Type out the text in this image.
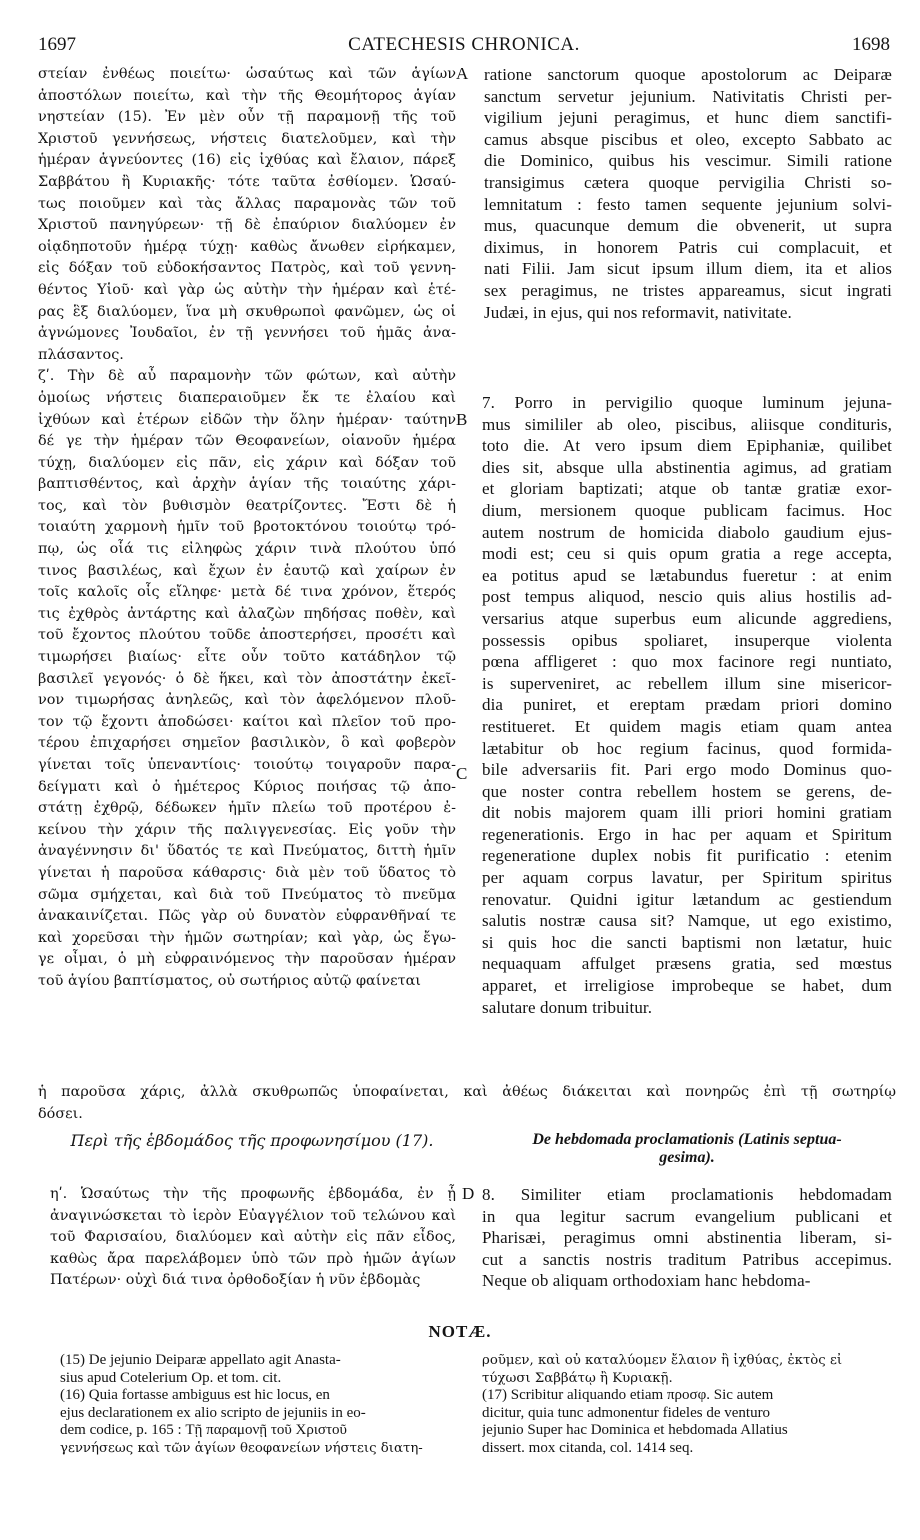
1697	CATECHESIS CHRONICA.	1698
στείαν ἐνθέως ποιείτω· ὡσαύτως καὶ τῶν ἁγίων
ἀποστόλων ποιείτω, καὶ τὴν τῆς Θεομήτορος ἁγίαν
νηστείαν (15). Ἐν μὲν οὖν τῇ παραμονῇ τῆς τοῦ
Χριστοῦ γεννήσεως, νήστεις διατελοῦμεν, καὶ τὴν
ἡμέραν ἁγνεύοντες (16) εἰς ἰχθύας καὶ ἔλαιον, πάρεξ
Σαββάτου ἢ Κυριακῆς· τότε ταῦτα ἐσθίομεν. Ὡσαύ-
τως ποιοῦμεν καὶ τὰς ἄλλας παραμονὰς τῶν τοῦ
Χριστοῦ πανηγύρεων· τῇ δὲ ἐπαύριον διαλύομεν ἐν
οἱᾳδηποτοῦν ἡμέρᾳ τύχῃ· καθὼς ἄνωθεν εἰρήκαμεν,
εἰς δόξαν τοῦ εὐδοκήσαντος Πατρὸς, καὶ τοῦ γεννη-
θέντος Υἱοῦ· καὶ γὰρ ὡς αὐτὴν τὴν ἡμέραν καὶ ἑτέ-
ρας ἓξ διαλύομεν, ἵνα μὴ σκυθρωποὶ φανῶμεν, ὡς οἱ
ἀγνώμονες Ἰουδαῖοι, ἐν τῇ γεννήσει τοῦ ἡμᾶς ἀνα-
πλάσαντος.
ζʹ. Τὴν δὲ αὖ παραμονὴν τῶν φώτων, καὶ αὐτὴν
ὁμοίως νήστεις διαπεραιοῦμεν ἔκ τε ἐλαίου καὶ
ἰχθύων καὶ ἑτέρων εἰδῶν τὴν ὅλην ἡμέραν· ταύτην
δέ γε τὴν ἡμέραν τῶν Θεοφανείων, οἱανοῦν ἡμέρα
τύχῃ, διαλύομεν εἰς πᾶν, εἰς χάριν καὶ δόξαν τοῦ
βαπτισθέντος, καὶ ἀρχὴν ἁγίαν τῆς τοιαύτης χάρι-
τος, καὶ τὸν βυθισμὸν θεατρίζοντες. Ἔστι δὲ ἡ
τοιαύτη χαρμονὴ ἡμῖν τοῦ βροτοκτόνου τοιούτῳ τρό-
πῳ, ὡς οἷά τις εἰληφὼς χάριν τινὰ πλούτου ὑπό
τινος βασιλέως, καὶ ἔχων ἐν ἑαυτῷ καὶ χαίρων ἐν
τοῖς καλοῖς οἷς εἴληφε· μετὰ δέ τινα χρόνον, ἕτερός
τις ἐχθρὸς ἀντάρτης καὶ ἀλαζὼν πηδήσας ποθὲν, καὶ
τοῦ ἔχοντος πλούτου τοῦδε ἀποστερήσει, προσέτι καὶ
τιμωρήσει βιαίως· εἶτε οὖν τοῦτο κατάδηλον τῷ
βασιλεῖ γεγονός· ὁ δὲ ἥκει, καὶ τὸν ἀποστάτην ἐκεῖ-
νον τιμωρήσας ἀνηλεῶς, καὶ τὸν ἀφελόμενον πλοῦ-
τον τῷ ἔχοντι ἀποδώσει· καίτοι καὶ πλεῖον τοῦ προ-
τέρου ἐπιχαρήσει σημεῖον βασιλικὸν, ὃ καὶ φοβερὸν
γίνεται τοῖς ὑπεναντίοις· τοιούτῳ τοιγαροῦν παρα-
δείγματι καὶ ὁ ἡμέτερος Κύριος ποιήσας τῷ ἀπο-
στάτῃ ἐχθρῷ, δέδωκεν ἡμῖν πλείω τοῦ προτέρου ἐ-
κείνου τὴν χάριν τῆς παλιγγενεσίας. Εἰς γοῦν τὴν
ἀναγέννησιν δι' ὕδατός τε καὶ Πνεύματος, διττὴ ἡμῖν
γίνεται ἡ παροῦσα κάθαρσις· διὰ μὲν τοῦ ὕδατος τὸ
σῶμα σμήχεται, καὶ διὰ τοῦ Πνεύματος τὸ πνεῦμα
ἀνακαινίζεται. Πῶς γὰρ οὐ δυνατὸν εὐφρανθῆναί τε
καὶ χορεῦσαι τὴν ἡμῶν σωτηρίαν; καὶ γὰρ, ὡς ἔγω-
γε οἶμαι, ὁ μὴ εὐφραινόμενος τὴν παροῦσαν ἡμέραν
τοῦ ἁγίου βαπτίσματος, οὐ σωτήριος αὐτῷ φαίνεται
ratione sanctorum quoque apostolorum ac Deiparæ
sanctum servetur jejunium. Nativitatis Christi per-
vigilium jejuni peragimus, et hunc diem sanctifi-
camus absque piscibus et oleo, excepto Sabbato ac
die Dominico, quibus his vescimur. Simili ratione
transigimus cætera quoque pervigilia Christi so-
lemnitatum : festo tamen sequente jejunium solvi-
mus, quacunque demum die obvenerit, ut supra
diximus, in honorem Patris cui complacuit, et
nati Filii. Jam sicut ipsum illum diem, ita et alios
sex peragimus, ne tristes appareamus, sicut ingrati
Judæi, in ejus, qui nos reformavit, nativitate.
7. Porro in pervigilio quoque luminum jejuna-
mus simililer ab oleo, piscibus, aliisque condituris,
toto die. At vero ipsum diem Epiphaniæ, quilibet
dies sit, absque ulla abstinentia agimus, ad gratiam
et gloriam baptizati; atque ob tantæ gratiæ exor-
dium, mersionem quoque publicam facimus. Hoc
autem nostrum de homicida diabolo gaudium ejus-
modi est; ceu si quis opum gratia a rege accepta,
ea potitus apud se lætabundus fueretur : at enim
post tempus aliquod, nescio quis alius hostilis ad-
versarius atque superbus eum alicunde aggrediens,
possessis opibus spoliaret, insuperque violenta
pœna affligeret : quo mox facinore regi nuntiato,
is superveniret, ac rebellem illum sine misericor-
dia puniret, et ereptam prædam priori domino
restitueret. Et quidem magis etiam quam antea
lætabitur ob hoc regium facinus, quod formida-
bile adversariis fit. Pari ergo modo Dominus quo-
que noster contra rebellem hostem se gerens, de-
dit nobis majorem quam illi priori homini gratiam
regenerationis. Ergo in hac per aquam et Spiritum
regeneratione duplex nobis fit purificatio : etenim
per aquam corpus lavatur, per Spiritum spiritus
renovatur. Quidni igitur lætandum ac gestiendum
salutis nostræ causa sit? Namque, ut ego existimo,
si quis hoc die sancti baptismi non lætatur, huic
nequaquam affulget præsens gratia, sed mœstus
apparet, et irreligiose improbeque se habet, dum
salutare donum tribuitur.
A
B
C
D
ἡ παροῦσα χάρις, ἀλλὰ σκυθρωπῶς ὑποφαίνεται, καὶ ἀθέως διάκειται καὶ πονηρῶς ἐπὶ τῇ σωτηρίῳ
δόσει.
Περὶ τῆς ἑβδομάδος τῆς προφωνησίμου (17).	De hebdomada proclamationis (Latinis septua-
gesima).
ηʹ. Ὡσαύτως τὴν τῆς προφωνῆς ἑβδομάδα, ἐν ᾗ
ἀναγινώσκεται τὸ ἱερὸν Εὐαγγέλιον τοῦ τελώνου καὶ
τοῦ Φαρισαίου, διαλύομεν καὶ αὐτὴν εἰς πᾶν εἶδος,
καθὼς ἄρα παρελάβομεν ὑπὸ τῶν πρὸ ἡμῶν ἁγίων
Πατέρων· οὐχὶ διά τινα ὀρθοδοξίαν ἡ νῦν ἑβδομὰς
8. Similiter etiam proclamationis hebdomadam
in qua legitur sacrum evangelium publicani et
Pharisæi, peragimus omni abstinentia liberam, si-
cut a sanctis nostris traditum Patribus accepimus.
Neque ob aliquam orthodoxiam hanc hebdoma-
NOTÆ.
(15) De jejunio Deiparæ appellato agit Anasta-
sius apud Cotelerium Op. et tom. cit.
(16) Quia fortasse ambiguus est hic locus, en
ejus declarationem ex alio scripto de jejuniis in eo-
dem codice, p. 165 : Τῇ παραμονῇ τοῦ Χριστοῦ
γεννήσεως καὶ τῶν ἁγίων θεοφανείων νήστεις διατη-
ροῦμεν, καὶ οὐ καταλύομεν ἔλαιον ἢ ἰχθύας, ἐκτὸς εἰ
τύχωσι Σαββάτῳ ἢ Κυριακῇ.
(17) Scribitur aliquando etiam προσφ. Sic autem
dicitur, quia tunc admonentur fideles de venturo
jejunio Super hac Dominica et hebdomada Allatius
dissert. mox citanda, col. 1414 seq.
